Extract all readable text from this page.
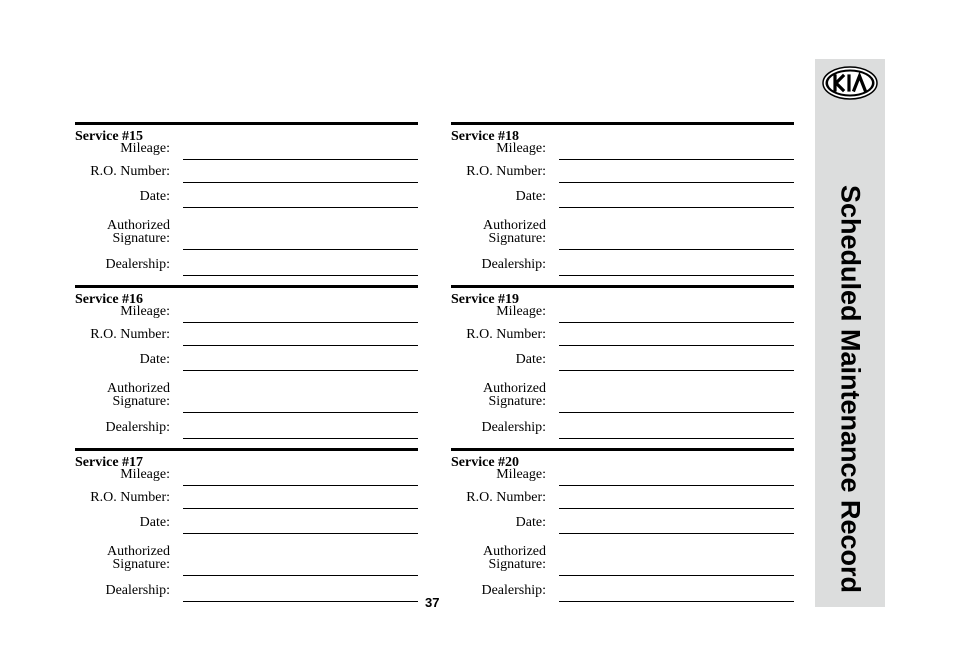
Scheduled Maintenance Record
Service #15
Mileage:
R.O. Number:
Date:
Authorized
Signature:
Dealership:
Service #16
Mileage:
R.O. Number:
Date:
Authorized
Signature:
Dealership:
Service #17
Mileage:
R.O. Number:
Date:
Authorized
Signature:
Dealership:
Service #18
Mileage:
R.O. Number:
Date:
Authorized
Signature:
Dealership:
Service #19
Mileage:
R.O. Number:
Date:
Authorized
Signature:
Dealership:
Service #20
Mileage:
R.O. Number:
Date:
Authorized
Signature:
Dealership:
37
